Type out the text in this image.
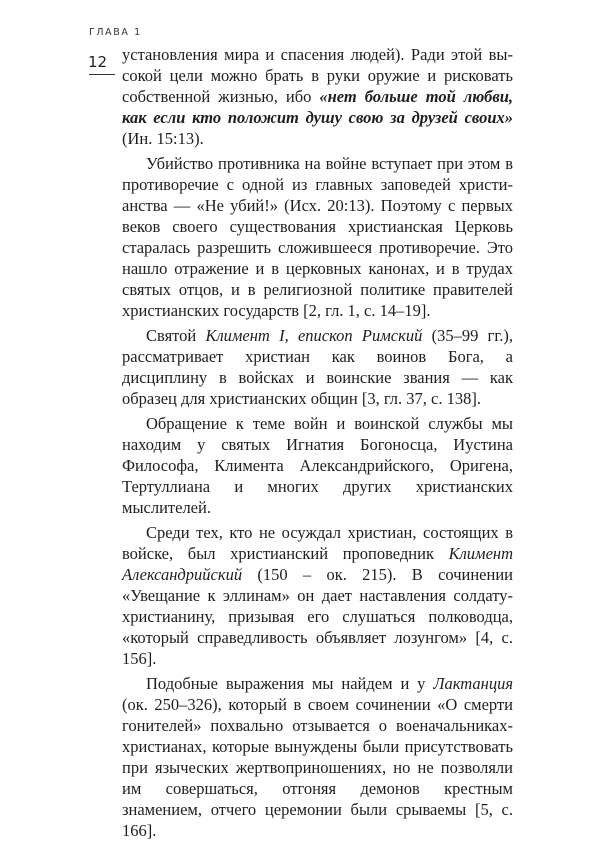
ГЛАВА 1
12 установления мира и спасения людей). Ради этой высокой цели можно брать в руки оружие и рисковать собственной жизнью, ибо «нет больше той любви, как если кто положит душу свою за друзей своих» (Ин. 15:13).

Убийство противника на войне вступает при этом в противоречие с одной из главных заповедей христианства — «Не убий!» (Исх. 20:13). Поэтому с первых веков своего существования христианская Церковь старалась разрешить сложившееся противоречие. Это нашло отражение и в церковных канонах, и в трудах святых отцов, и в религиозной политике правителей христианских государств [2, гл. 1, с. 14–19].

Святой Климент I, епископ Римский (35–99 гг.), рассматривает христиан как воинов Бога, а дисциплину в войсках и воинские звания — как образец для христианских общин [3, гл. 37, с. 138].

Обращение к теме войн и воинской службы мы находим у святых Игнатия Богоносца, Иустина Философа, Климента Александрийского, Оригена, Тертуллиана и многих других христианских мыслителей.

Среди тех, кто не осуждал христиан, состоящих в войске, был христианский проповедник Климент Александрийский (150 – ок. 215). В сочинении «Увещание к эллинам» он дает наставления солдату-христианину, призывая его слушаться полководца, «который справедливость объявляет лозунгом» [4, с. 156].

Подобные выражения мы найдем и у Лактанция (ок. 250–326), который в своем сочинении «О смерти гонителей» похвально отзывается о военачальниках-христианах, которые вынуждены были присутствовать при языческих жертвоприношениях, но не позволяли им совершаться, отгоняя демонов крестным знамением, отчего церемонии были срываемы [5, с. 166].
